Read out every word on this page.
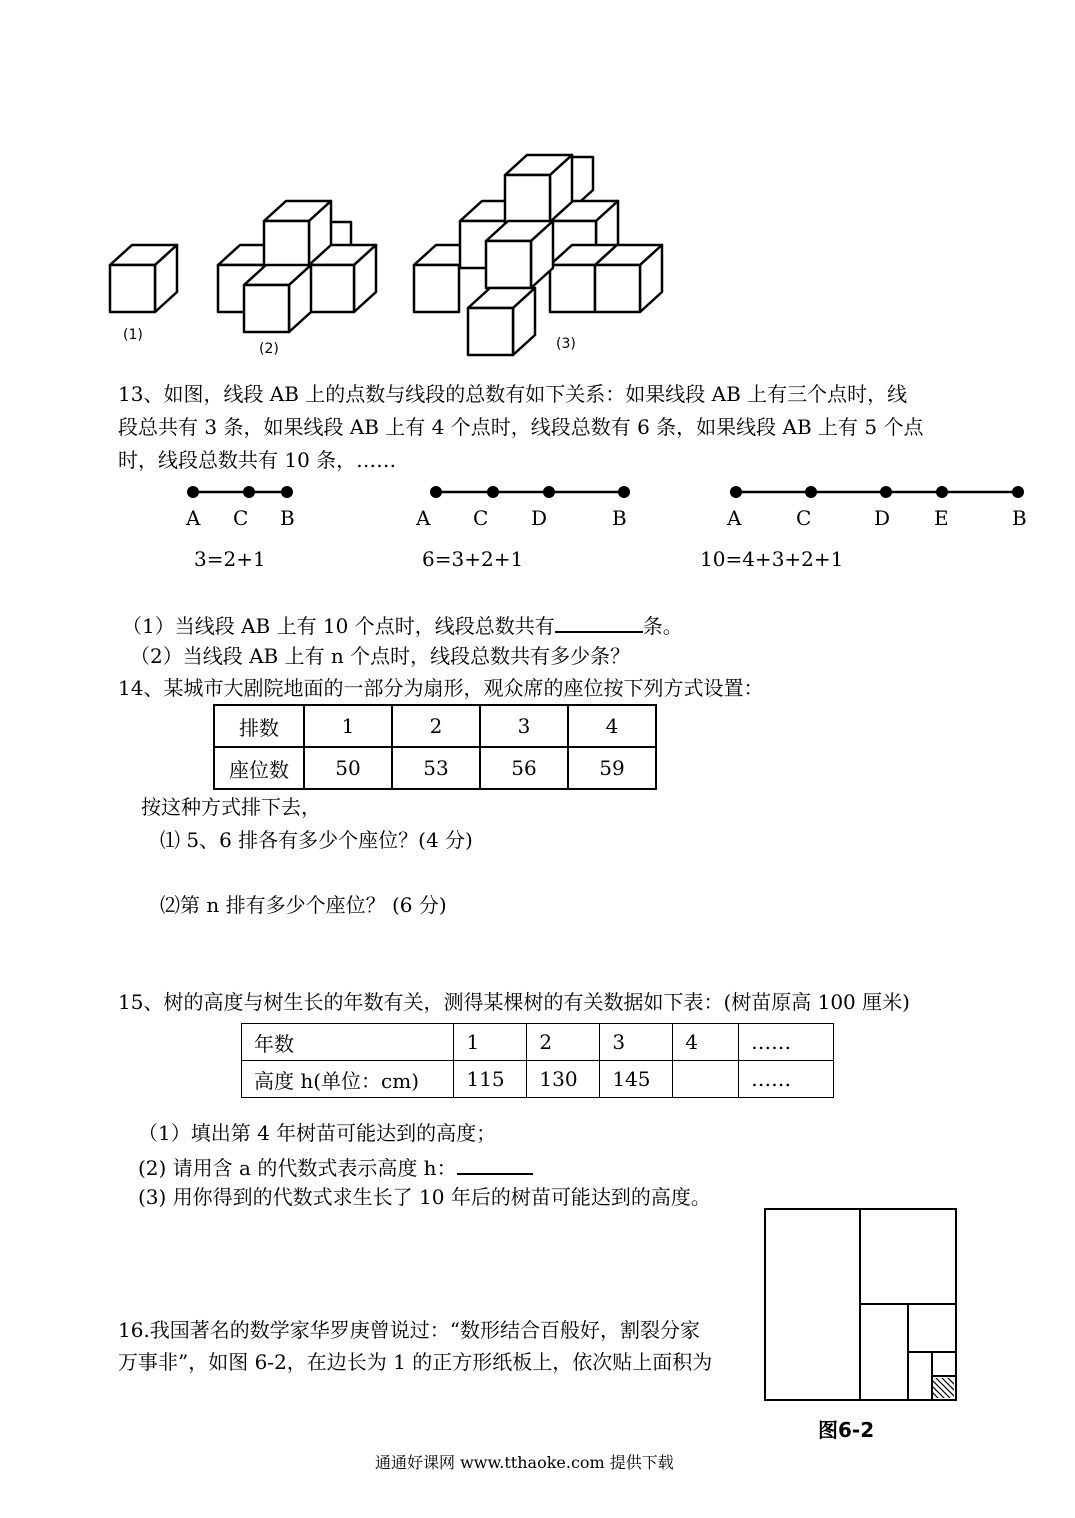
(1)
(2)	(3)
13、如图，线段 AB 上的点数与线段的总数有如下关系：如果线段 AB 上有三个点时，线
段总共有 3 条，如果线段 AB 上有 4 个点时，线段总数有 6 条，如果线段 AB 上有 5 个点
时，线段总数共有 10 条，……
A C B	A C D	B	A	C	D E	B
3=2+1	6=3+2+1	10=4+3+2+1
（1）当线段 AB 上有 10 个点时，线段总数共有	条。
（2）当线段 AB 上有 n 个点时，线段总数共有多少条？
14、某城市大剧院地面的一部分为扇形，观众席的座位按下列方式设置：
排数	1	2	3	4
座位数	50	53	56	59
按这种方式排下去，
⑴ 5、6 排各有多少个座位？(4 分)
⑵第 n 排有多少个座位？ (6 分)
15、树的高度与树生长的年数有关，测得某棵树的有关数据如下表：(树苗原高 100 厘米)
年数	1	2	3	4	……
高度 h(单位：cm)	115	130	145		……
（1）填出第 4 年树苗可能达到的高度；
(2) 请用含 a 的代数式表示高度 h：
(3) 用你得到的代数式求生长了 10 年后的树苗可能达到的高度。
16.我国著名的数学家华罗庚曾说过：“数形结合百般好，割裂分家
万事非”，如图 6-2，在边长为 1 的正方形纸板上，依次贴上面积为
图6-2
通通好课网 www.tthaoke.com 提供下载
